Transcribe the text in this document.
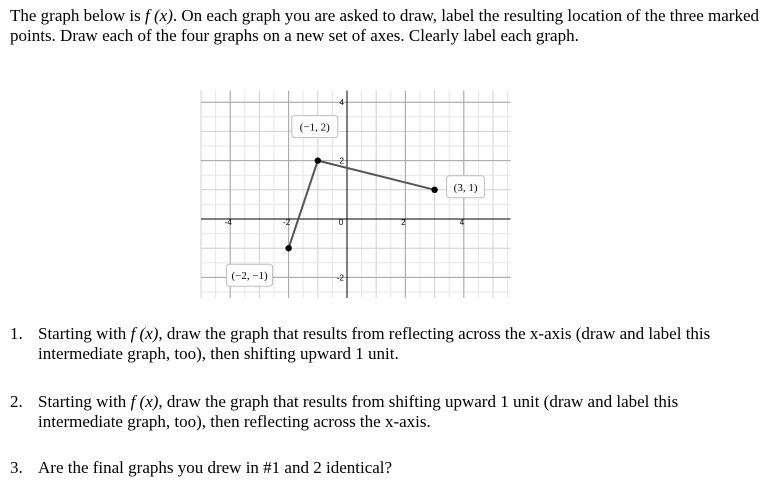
The graph below is f (x). On each graph you are asked to draw, label the resulting location of the three marked points. Draw each of the four graphs on a new set of axes. Clearly label each graph.

-4	-2	0	2	4
4
2
-2
(−2, −1)
(−1, 2)
(3, 1)
1. Starting with f (x), draw the graph that results from reflecting across the x-axis (draw and label this intermediate graph, too), then shifting upward 1 unit.
2. Starting with f (x), draw the graph that results from shifting upward 1 unit (draw and label this intermediate graph, too), then reflecting across the x-axis.
3. Are the final graphs you drew in #1 and 2 identical?
